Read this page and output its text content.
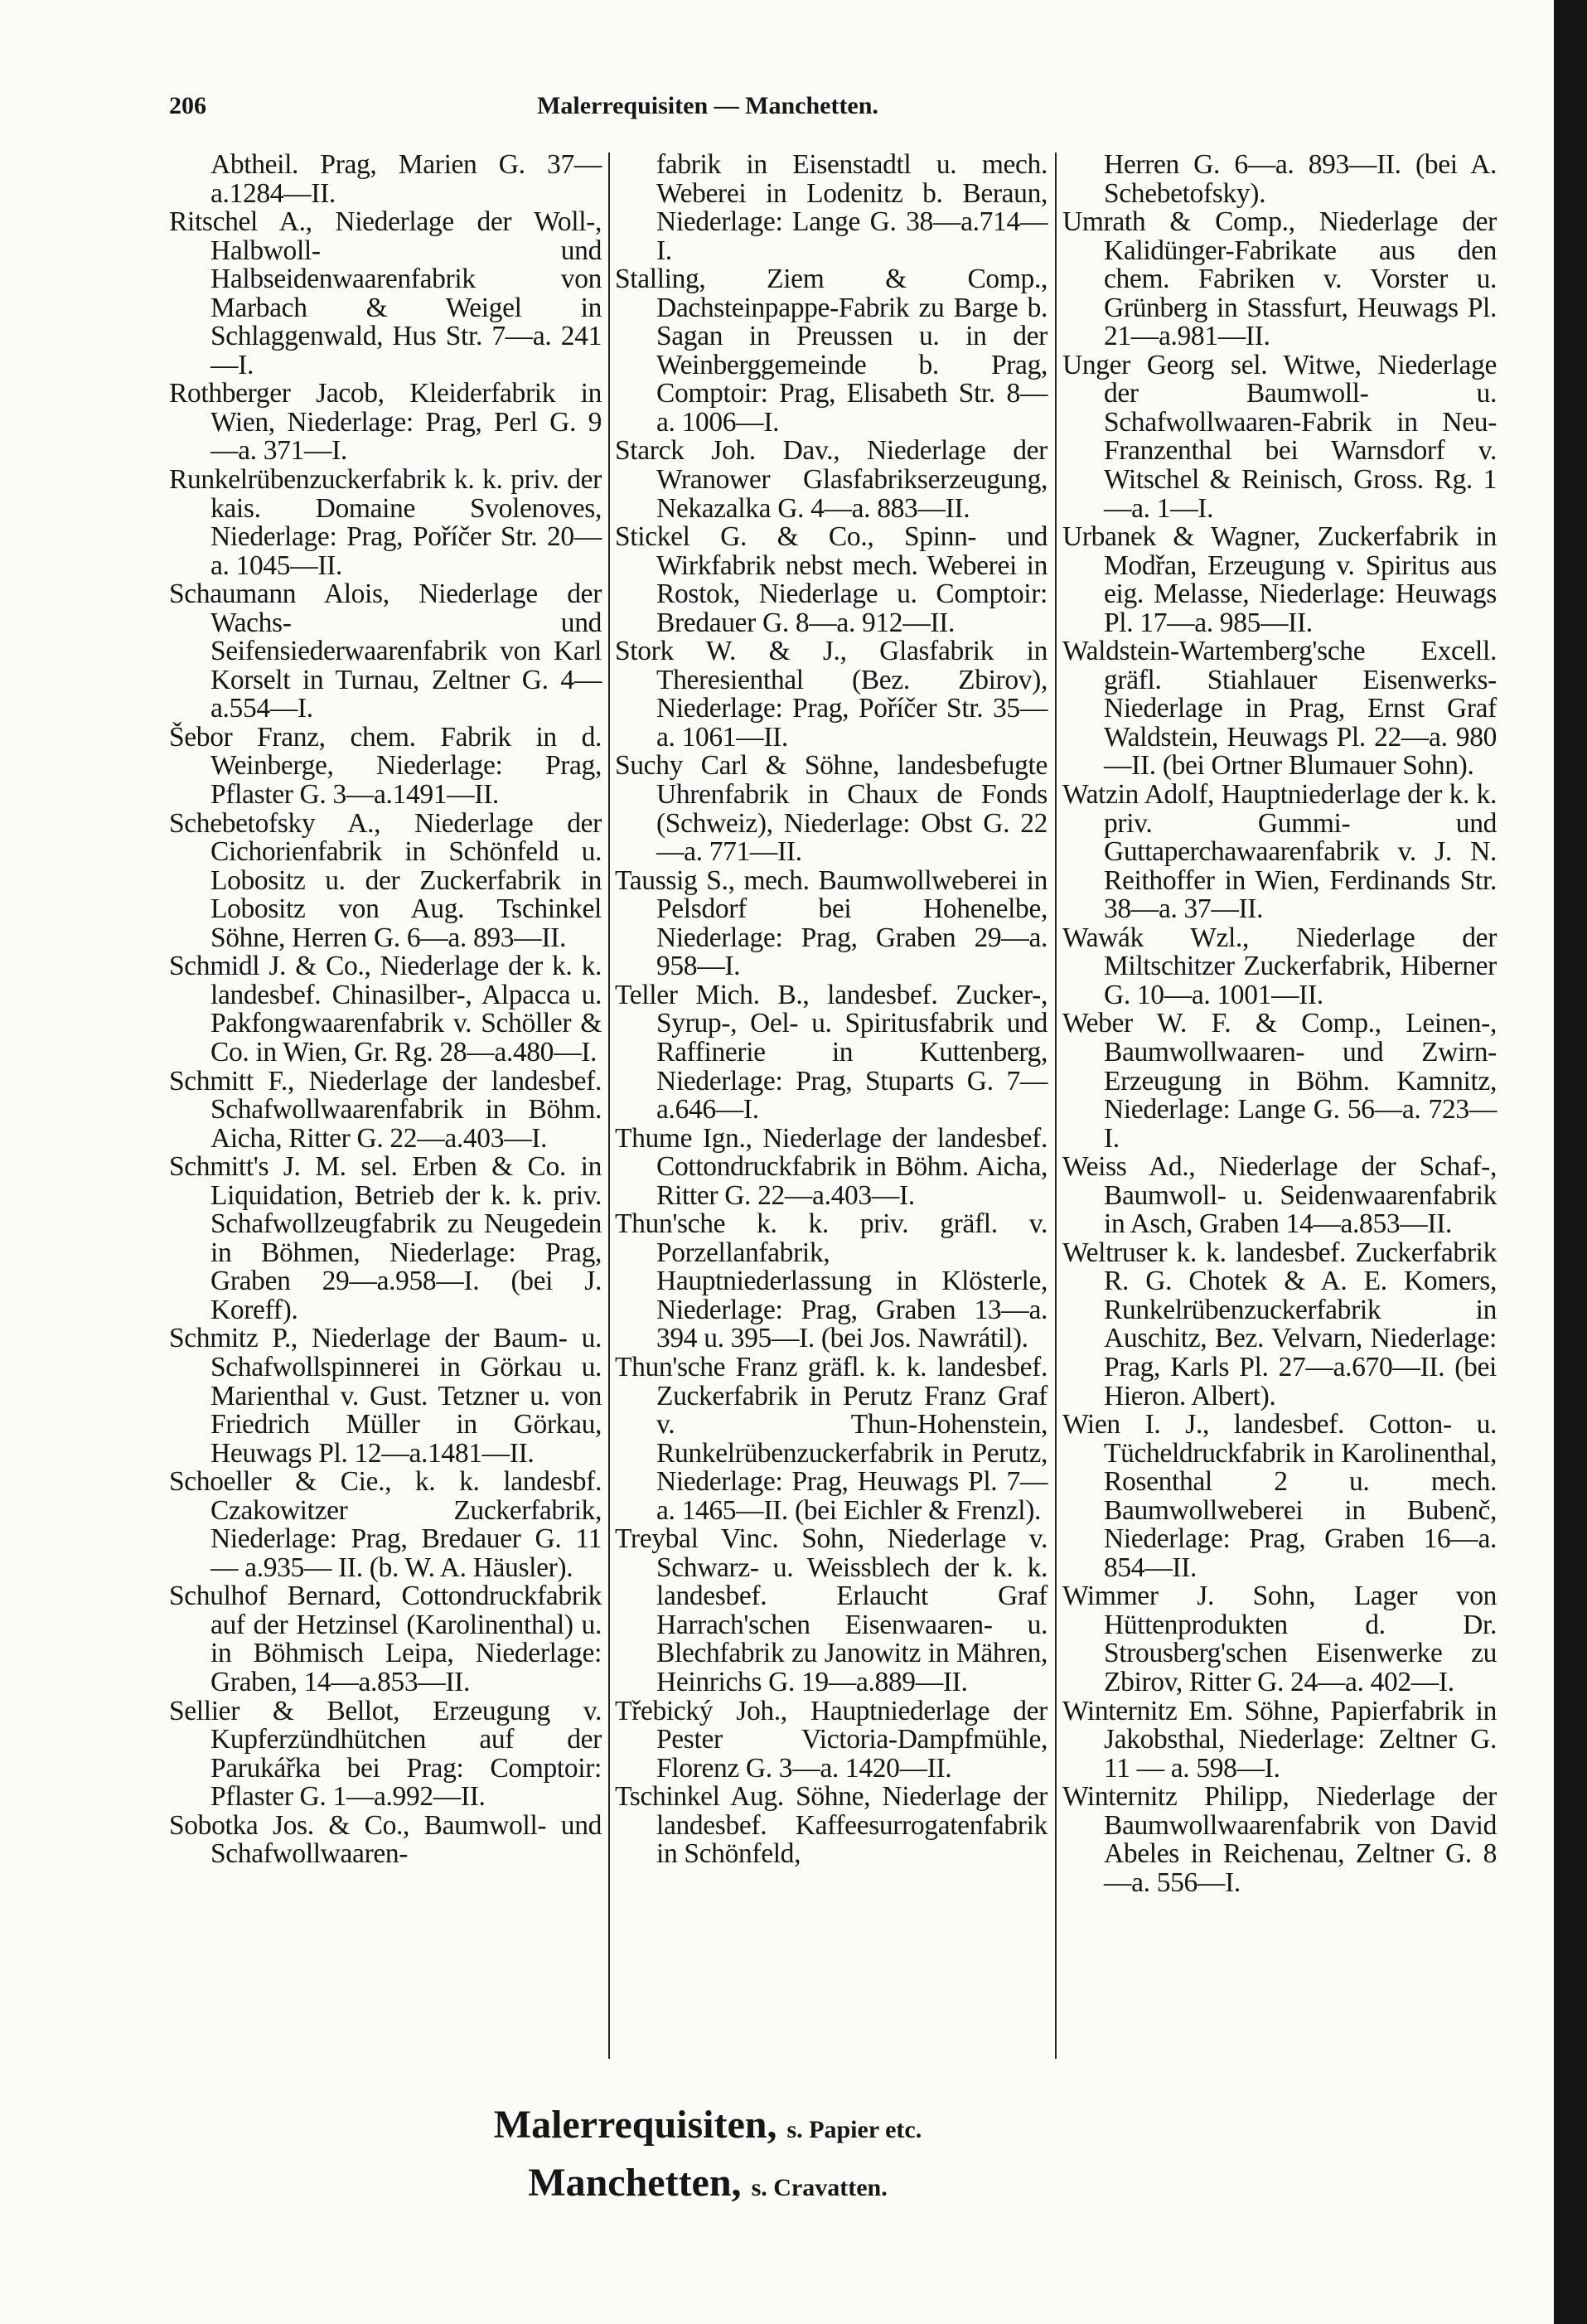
206	Malerrequisiten — Manchetten.

Abtheil. Prag, Marien G. 37—a.1284—II.

Ritschel A., Niederlage der Woll-, Halbwoll- und Halbseidenwaarenfabrik von Marbach & Weigel in Schlaggenwald, Hus Str. 7—a. 241—I.

Rothberger Jacob, Kleiderfabrik in Wien, Niederlage: Prag, Perl G. 9—a. 371—I.

Runkelrübenzuckerfabrik k. k. priv. der kais. Domaine Svolenoves, Niederlage: Prag, Poříčer Str. 20—a. 1045—II.

Schaumann Alois, Niederlage der Wachs- und Seifensiederwaarenfabrik von Karl Korselt in Turnau, Zeltner G. 4—a.554—I.

Šebor Franz, chem. Fabrik in d. Weinberge, Niederlage: Prag, Pflaster G. 3—a.1491—II.

Schebetofsky A., Niederlage der Cichorienfabrik in Schönfeld u. Lobositz u. der Zuckerfabrik in Lobositz von Aug. Tschinkel Söhne, Herren G. 6—a. 893—II.

Schmidl J. & Co., Niederlage der k. k. landesbef. Chinasilber-, Alpacca u. Pakfongwaarenfabrik v. Schöller & Co. in Wien, Gr. Rg. 28—a.480—I.

Schmitt F., Niederlage der landesbef. Schafwollwaarenfabrik in Böhm. Aicha, Ritter G. 22—a.403—I.

Schmitt's J. M. sel. Erben & Co. in Liquidation, Betrieb der k. k. priv. Schafwollzeugfabrik zu Neugedein in Böhmen, Niederlage: Prag, Graben 29—a.958—I. (bei J. Koreff).

Schmitz P., Niederlage der Baum- u. Schafwollspinnerei in Görkau u. Marienthal v. Gust. Tetzner u. von Friedrich Müller in Görkau, Heuwags Pl. 12—a.1481—II.

Schoeller & Cie., k. k. landesbf. Czakowitzer Zuckerfabrik, Niederlage: Prag, Bredauer G. 11 — a.935— II. (b. W. A. Häusler).

Schulhof Bernard, Cottondruckfabrik auf der Hetzinsel (Karolinenthal) u. in Böhmisch Leipa, Niederlage: Graben, 14—a.853—II.

Sellier & Bellot, Erzeugung v. Kupferzündhütchen auf der Parukářka bei Prag: Comptoir: Pflaster G. 1—a.992—II.

Sobotka Jos. & Co., Baumwoll- und Schafwollwaaren-

fabrik in Eisenstadtl u. mech. Weberei in Lodenitz b. Beraun, Niederlage: Lange G. 38—a.714—I.

Stalling, Ziem & Comp., Dachsteinpappe-Fabrik zu Barge b. Sagan in Preussen u. in der Weinberggemeinde b. Prag, Comptoir: Prag, Elisabeth Str. 8—a. 1006—I.

Starck Joh. Dav., Niederlage der Wranower Glasfabrikserzeugung, Nekazalka G. 4—a. 883—II.

Stickel G. & Co., Spinn- und Wirkfabrik nebst mech. Weberei in Rostok, Niederlage u. Comptoir: Bredauer G. 8—a. 912—II.

Stork W. & J., Glasfabrik in Theresienthal (Bez. Zbirov), Niederlage: Prag, Poříčer Str. 35—a. 1061—II.

Suchy Carl & Söhne, landesbefugte Uhrenfabrik in Chaux de Fonds (Schweiz), Niederlage: Obst G. 22—a. 771—II.

Taussig S., mech. Baumwollweberei in Pelsdorf bei Hohenelbe, Niederlage: Prag, Graben 29—a. 958—I.

Teller Mich. B., landesbef. Zucker-, Syrup-, Oel- u. Spiritusfabrik und Raffinerie in Kuttenberg, Niederlage: Prag, Stuparts G. 7—a.646—I.

Thume Ign., Niederlage der landesbef. Cottondruckfabrik in Böhm. Aicha, Ritter G. 22—a.403—I.

Thun'sche k. k. priv. gräfl. v. Porzellanfabrik, Hauptniederlassung in Klösterle, Niederlage: Prag, Graben 13—a. 394 u. 395—I. (bei Jos. Nawrátil).

Thun'sche Franz gräfl. k. k. landesbef. Zuckerfabrik in Perutz Franz Graf v. Thun-Hohenstein, Runkelrübenzuckerfabrik in Perutz, Niederlage: Prag, Heuwags Pl. 7—a. 1465—II. (bei Eichler & Frenzl).

Treybal Vinc. Sohn, Niederlage v. Schwarz- u. Weissblech der k. k. landesbef. Erlaucht Graf Harrach'schen Eisenwaaren- u. Blechfabrik zu Janowitz in Mähren, Heinrichs G. 19—a.889—II.

Třebický Joh., Hauptniederlage der Pester Victoria-Dampfmühle, Florenz G. 3—a. 1420—II.

Tschinkel Aug. Söhne, Niederlage der landesbef. Kaffeesurrogatenfabrik in Schönfeld,

Herren G. 6—a. 893—II. (bei A. Schebetofsky).

Umrath & Comp., Niederlage der Kalidünger-Fabrikate aus den chem. Fabriken v. Vorster u. Grünberg in Stassfurt, Heuwags Pl. 21—a.981—II.

Unger Georg sel. Witwe, Niederlage der Baumwoll- u. Schafwollwaaren-Fabrik in Neu-Franzenthal bei Warnsdorf v. Witschel & Reinisch, Gross. Rg. 1—a. 1—I.

Urbanek & Wagner, Zuckerfabrik in Modřan, Erzeugung v. Spiritus aus eig. Melasse, Niederlage: Heuwags Pl. 17—a. 985—II.

Waldstein-Wartemberg'sche Excell. gräfl. Stiahlauer Eisenwerks-Niederlage in Prag, Ernst Graf Waldstein, Heuwags Pl. 22—a. 980—II. (bei Ortner Blumauer Sohn).

Watzin Adolf, Hauptniederlage der k. k. priv. Gummi- und Guttaperchawaarenfabrik v. J. N. Reithoffer in Wien, Ferdinands Str. 38—a. 37—II.

Wawák Wzl., Niederlage der Miltschitzer Zuckerfabrik, Hiberner G. 10—a. 1001—II.

Weber W. F. & Comp., Leinen-, Baumwollwaaren- und Zwirn-Erzeugung in Böhm. Kamnitz, Niederlage: Lange G. 56—a. 723—I.

Weiss Ad., Niederlage der Schaf-, Baumwoll- u. Seidenwaarenfabrik in Asch, Graben 14—a.853—II.

Weltruser k. k. landesbef. Zuckerfabrik R. G. Chotek & A. E. Komers, Runkelrübenzuckerfabrik in Auschitz, Bez. Velvarn, Niederlage: Prag, Karls Pl. 27—a.670—II. (bei Hieron. Albert).

Wien I. J., landesbef. Cotton- u. Tücheldruckfabrik in Karolinenthal, Rosenthal 2 u. mech. Baumwollweberei in Bubenč, Niederlage: Prag, Graben 16—a. 854—II.

Wimmer J. Sohn, Lager von Hüttenprodukten d. Dr. Strousberg'schen Eisenwerke zu Zbirov, Ritter G. 24—a. 402—I.

Winternitz Em. Söhne, Papierfabrik in Jakobsthal, Niederlage: Zeltner G. 11 — a. 598—I.

Winternitz Philipp, Niederlage der Baumwollwaarenfabrik von David Abeles in Reichenau, Zeltner G. 8—a. 556—I.

Malerrequisiten, s. Papier etc.
Manchetten, s. Cravatten.
